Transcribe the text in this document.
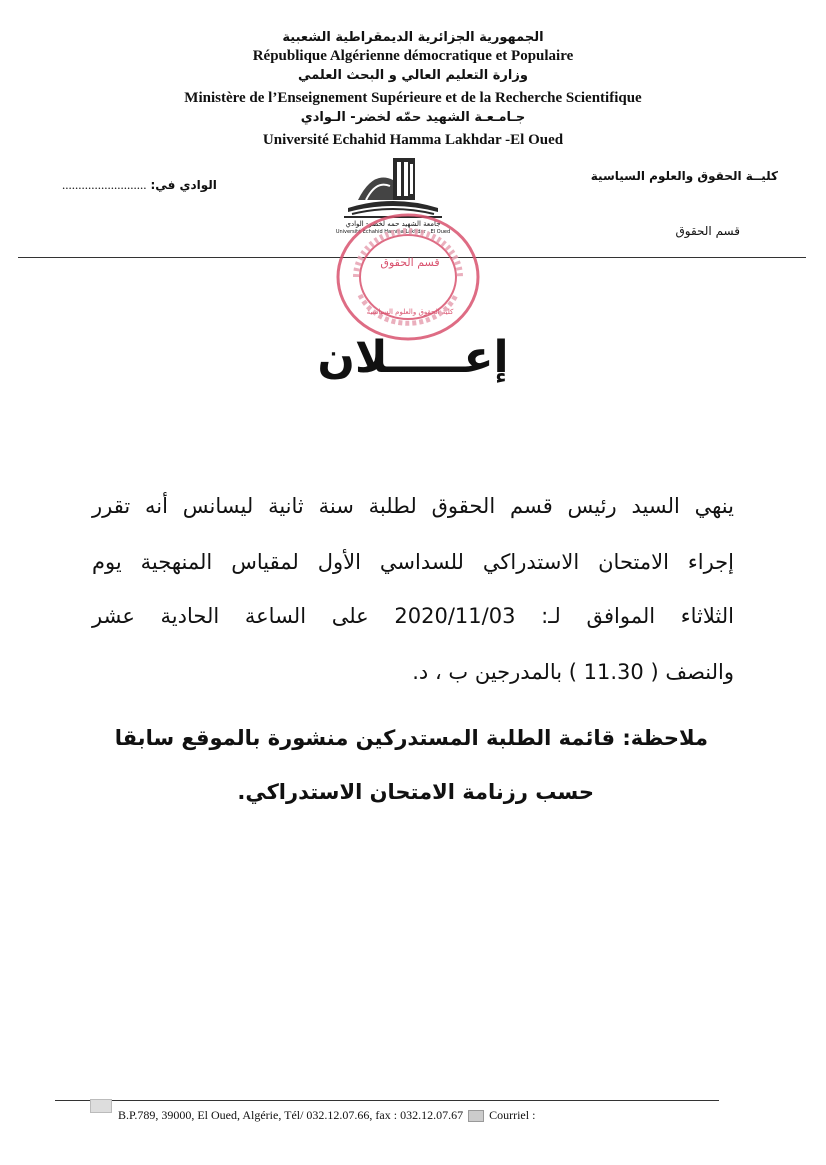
الجمهورية الجزائرية الديمقراطية الشعبية
République Algérienne démocratique et Populaire
وزارة التعليم العالي و البحث العلمي
Ministère de l’Enseignement Supérieure et de la Recherche Scientifique
جـامـعـة الشهيد حمّه لخضر- الـوادي
Université Echahid Hamma Lakhdar -El Oued
كليــة الحقوق والعلوم السياسية
قسم الحقوق
.......................... الوادي في:
جامعة الشهيد حمه لخضر- الوادي
Université Echahid Hamma Lakhdar - El Oued
قسم الحقوق
كلية الحقوق والعلوم السياسية
إعـــــلان
ينهي السيد رئيس قسم الحقوق لطلبة سنة ثانية ليسانس أنه تقرر
إجراء الامتحان الاستدراكي للسداسي الأول لمقياس المنهجية يوم
الثلاثاء الموافق لـ: 2020/11/03 على الساعة الحادية عشر
والنصف ( 11.30 ) بالمدرجين ب ، د.
ملاحظة: قائمة الطلبة المستدركين منشورة بالموقع سابقا
حسب رزنامة الامتحان الاستدراكي.
B.P.789, 39000, El Oued, Algérie, Tél/ 032.12.07.66, fax : 032.12.07.67 Courriel :
